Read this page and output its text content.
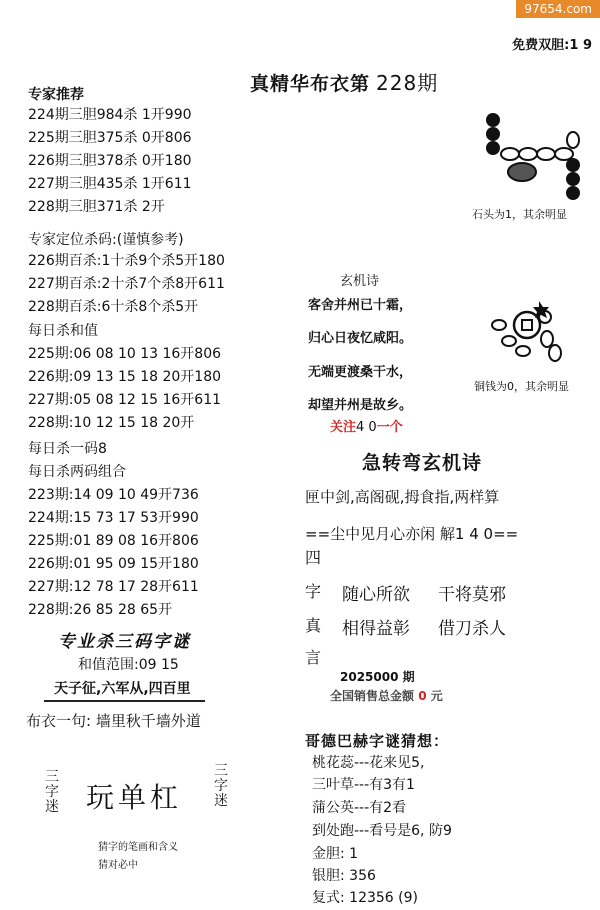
97654.com
免费双胆:1 9
真精华布衣第 228期
专家推荐
224期三胆984杀 1开990
225期三胆375杀 0开806
226期三胆378杀 0开180
227期三胆435杀 1开611
228期三胆371杀 2开
专家定位杀码:(谨慎参考)
226期百杀:1十杀9个杀5开180
227期百杀:2十杀7个杀8开611
228期百杀:6十杀8个杀5开
每日杀和值
225期:06 08 10 13 16开806
226期:09 13 15 18 20开180
227期:05 08 12 15 16开611
228期:10 12 15 18 20开
每日杀一码8
每日杀两码组合
223期:14 09 10 49开736
224期:15 73 17 53开990
225期:01 89 08 16开806
226期:01 95 09 15开180
227期:12 78 17 28开611
228期:26 85 28 65开
专业杀三码字谜
和值范围:09 15
天子征,六军从,四百里
布衣一句: 墙里秋千墙外道
三字迷
三字迷
玩单杠
猜字的笔画和含义
猜对必中
石头为1，其余明显
铜钱为0，其余明显
玄机诗
客舍并州已十霜，
归心日夜忆咸阳。
无端更渡桑干水，
却望并州是故乡。
关注4 0一个
急转弯玄机诗
匣中剑,高阁砚,拇食指,两样算
==尘中见月心亦闲 解1 4 0==
四
字
真
言
随心所欲 干将莫邪
相得益彰 借刀杀人
2025000 期
全国销售总金额 0 元
哥德巴赫字谜猜想：
桃花蕊---花来见5,
三叶草---有3有1
蒲公英---有2看
到处跑---看号是6, 防9
金胆: 1
银胆: 356
复式: 12356 (9)
